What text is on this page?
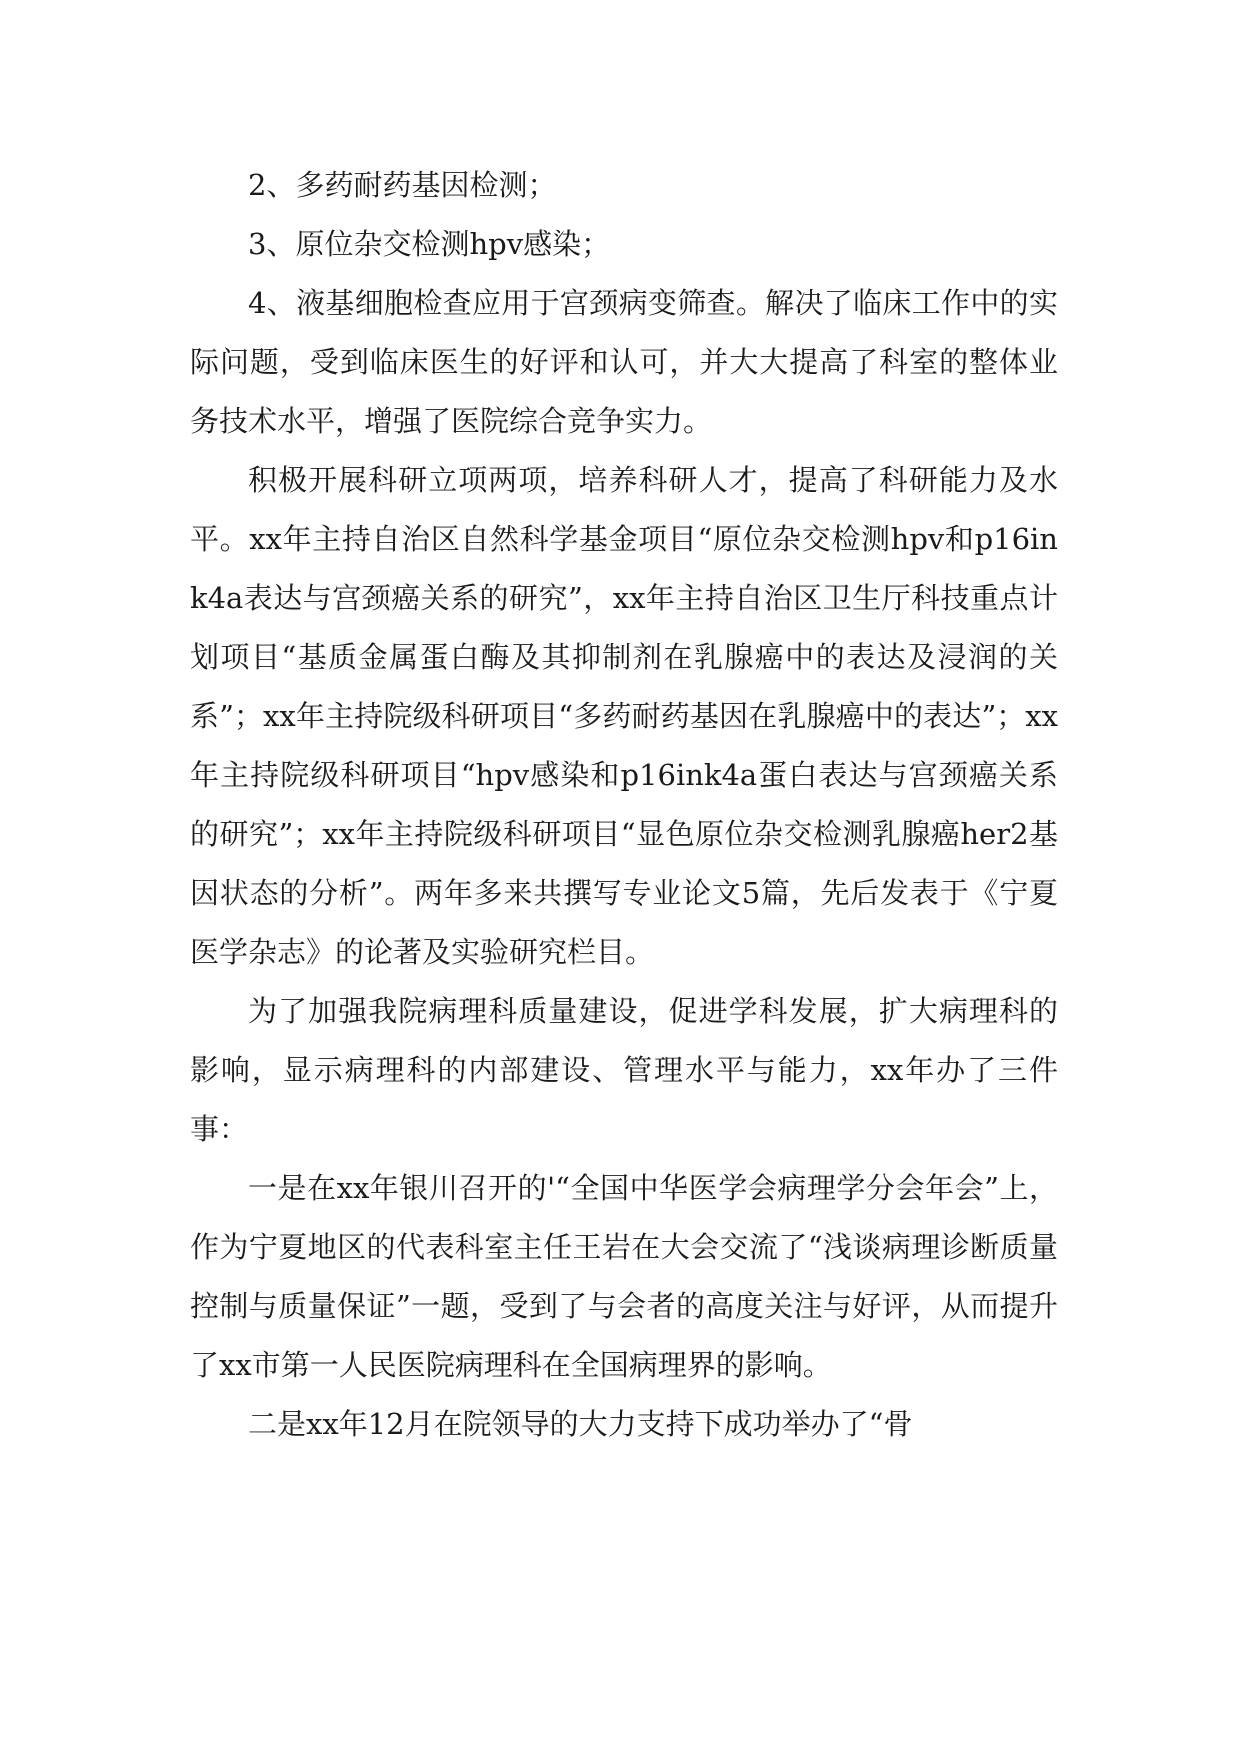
2、多药耐药基因检测；

3、原位杂交检测hpv感染；

4、液基细胞检查应用于宫颈病变筛查。解决了临床工作中的实际问题，受到临床医生的好评和认可，并大大提高了科室的整体业务技术水平，增强了医院综合竞争实力。

积极开展科研立项两项，培养科研人才，提高了科研能力及水平。xx年主持自治区自然科学基金项目“原位杂交检测hpv和p16ink4a表达与宫颈癌关系的研究”，xx年主持自治区卫生厅科技重点计划项目“基质金属蛋白酶及其抑制剂在乳腺癌中的表达及浸润的关系”；xx年主持院级科研项目“多药耐药基因在乳腺癌中的表达”；xx年主持院级科研项目“hpv感染和p16ink4a蛋白表达与宫颈癌关系的研究”；xx年主持院级科研项目“显色原位杂交检测乳腺癌her2基因状态的分析”。两年多来共撰写专业论文5篇，先后发表于《宁夏医学杂志》的论著及实验研究栏目。

为了加强我院病理科质量建设，促进学科发展，扩大病理科的影响，显示病理科的内部建设、管理水平与能力，xx年办了三件事：

一是在xx年银川召开的'“全国中华医学会病理学分会年会”上，作为宁夏地区的代表科室主任王岩在大会交流了“浅谈病理诊断质量控制与质量保证”一题，受到了与会者的高度关注与好评，从而提升了xx市第一人民医院病理科在全国病理界的影响。

二是xx年12月在院领导的大力支持下成功举办了“骨
